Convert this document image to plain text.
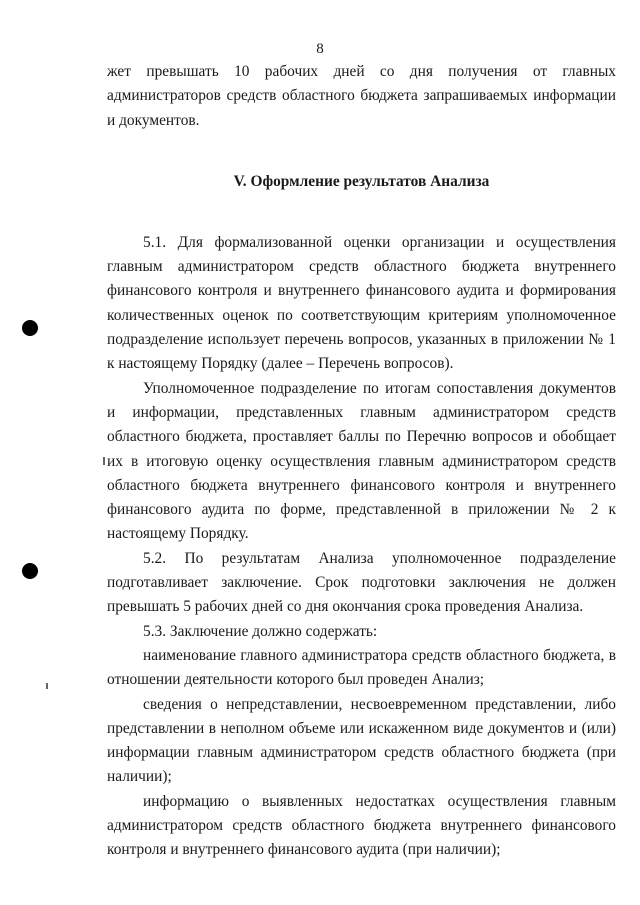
8

жет превышать 10 рабочих дней со дня получения от главных администраторов средств областного бюджета запрашиваемых информации и документов.

V. Оформление результатов Анализа

5.1. Для формализованной оценки организации и осуществления главным администратором средств областного бюджета внутреннего финансового контроля и внутреннего финансового аудита и формирования количественных оценок по соответствующим критериям уполномоченное подразделение использует перечень вопросов, указанных в приложении № 1 к настоящему Порядку (далее – Перечень вопросов).

Уполномоченное подразделение по итогам сопоставления документов и информации, представленных главным администратором средств областного бюджета, проставляет баллы по Перечню вопросов и обобщает их в итоговую оценку осуществления главным администратором средств областного бюджета внутреннего финансового контроля и внутреннего финансового аудита по форме, представленной в приложении № 2 к настоящему Порядку.

5.2. По результатам Анализа уполномоченное подразделение подготавливает заключение. Срок подготовки заключения не должен превышать 5 рабочих дней со дня окончания срока проведения Анализа.

5.3. Заключение должно содержать:

наименование главного администратора средств областного бюджета, в отношении деятельности которого был проведен Анализ;

сведения о непредставлении, несвоевременном представлении, либо представлении в неполном объеме или искаженном виде документов и (или) информации главным администратором средств областного бюджета (при наличии);

информацию о выявленных недостатках осуществления главным администратором средств областного бюджета внутреннего финансового контроля и внутреннего финансового аудита (при наличии);
